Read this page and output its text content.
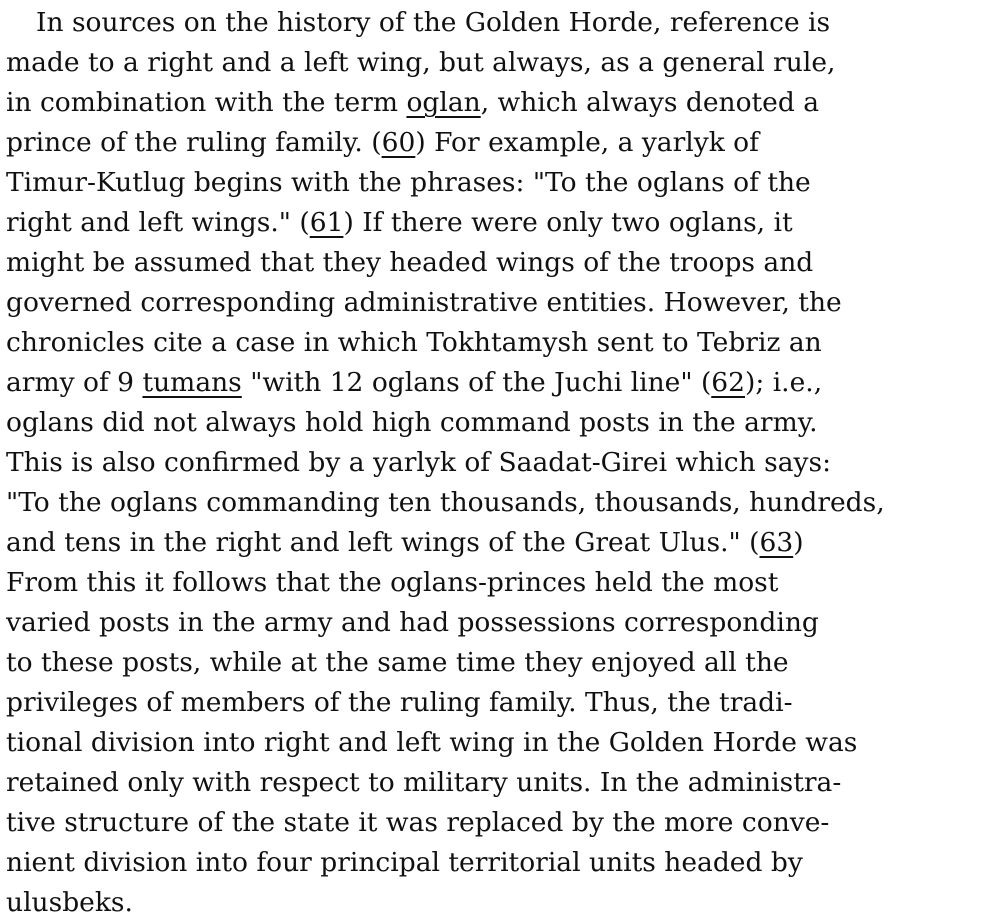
In sources on the history of the Golden Horde, reference is
made to a right and a left wing, but always, as a general rule,
in combination with the term oglan, which always denoted a
prince of the ruling family. (60) For example, a yarlyk of
Timur-Kutlug begins with the phrases: "To the oglans of the
right and left wings." (61) If there were only two oglans, it
might be assumed that they headed wings of the troops and
governed corresponding administrative entities. However, the
chronicles cite a case in which Tokhtamysh sent to Tebriz an
army of 9 tumans "with 12 oglans of the Juchi line" (62); i.e.,
oglans did not always hold high command posts in the army.
This is also confirmed by a yarlyk of Saadat-Girei which says:
"To the oglans commanding ten thousands, thousands, hundreds,
and tens in the right and left wings of the Great Ulus." (63)
From this it follows that the oglans-princes held the most
varied posts in the army and had possessions corresponding
to these posts, while at the same time they enjoyed all the
privileges of members of the ruling family. Thus, the tradi-
tional division into right and left wing in the Golden Horde was
retained only with respect to military units. In the administra-
tive structure of the state it was replaced by the more conve-
nient division into four principal territorial units headed by
ulusbeks.
